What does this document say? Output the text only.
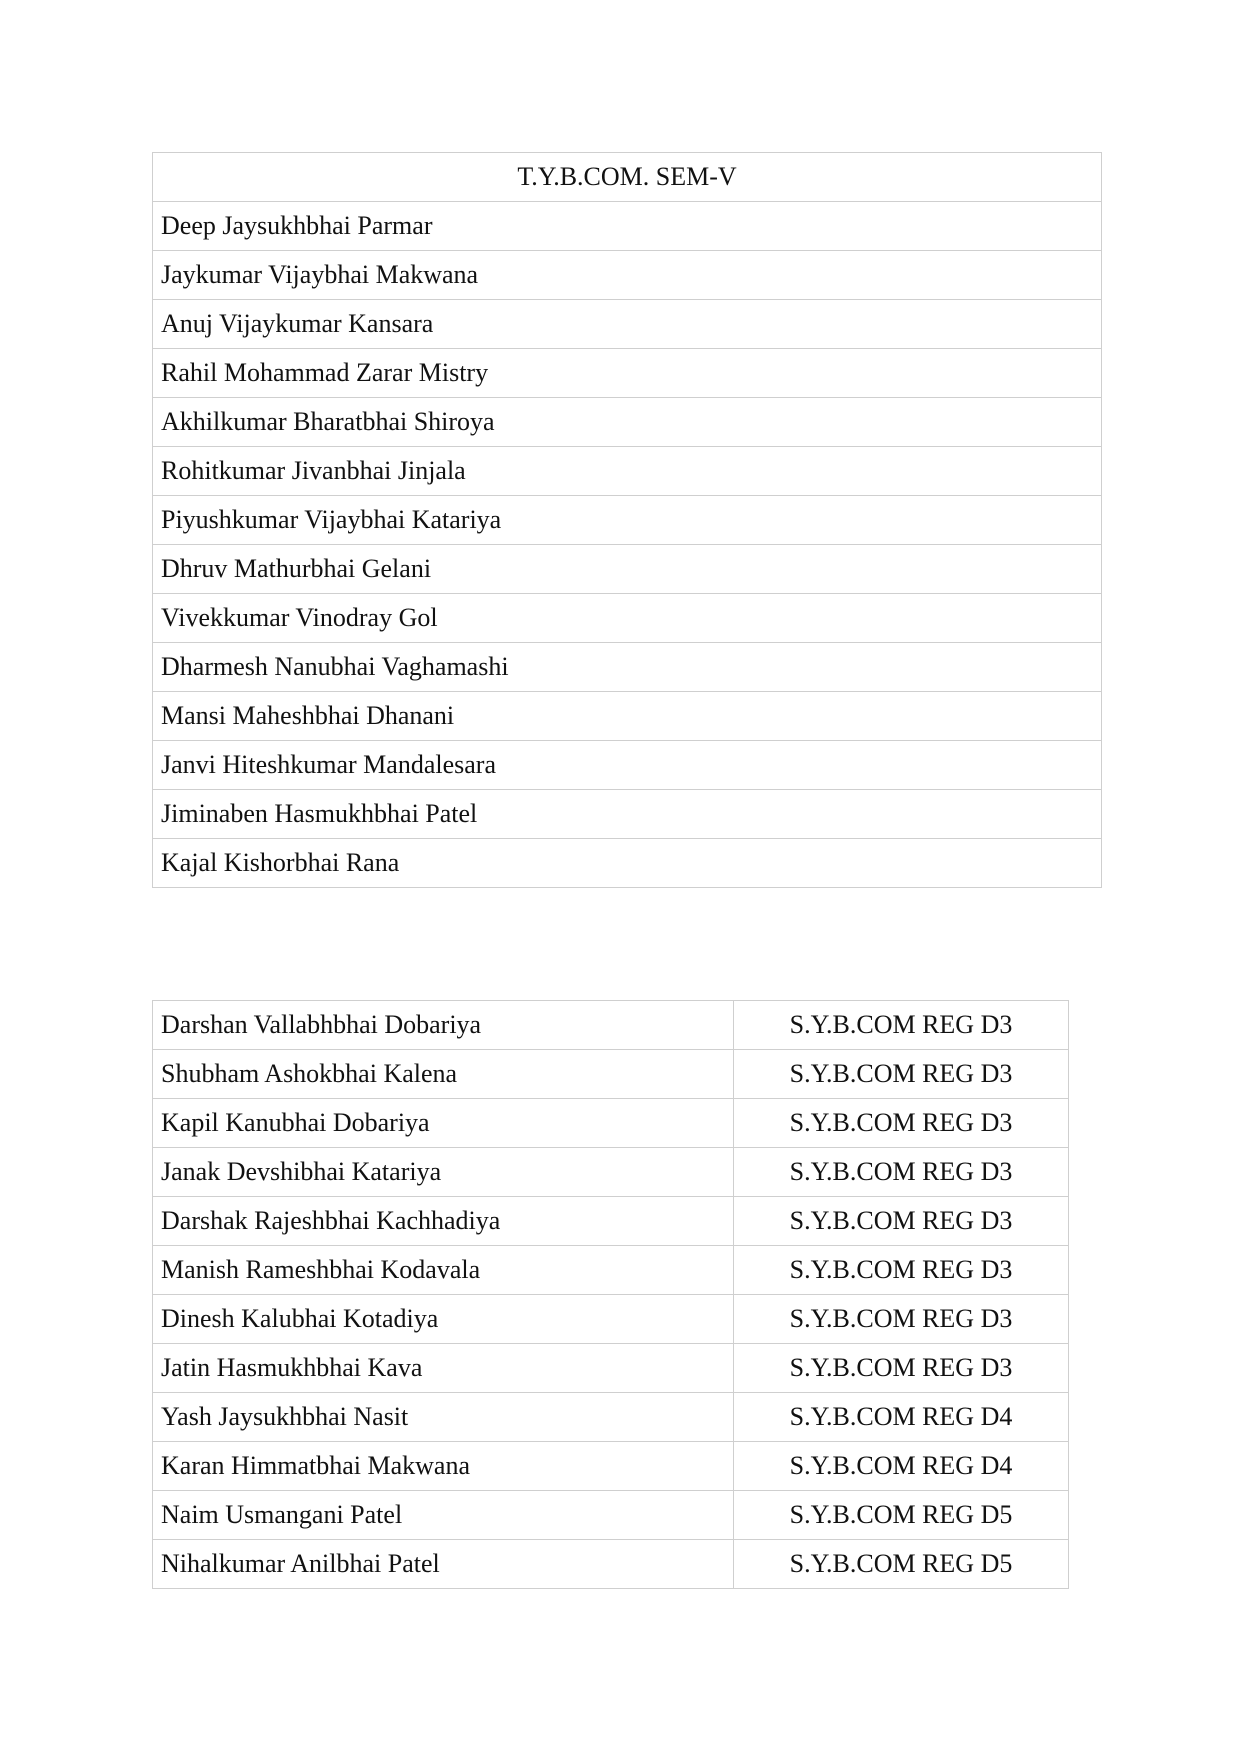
T.Y.B.COM. SEM-V
Deep Jaysukhbhai Parmar
Jaykumar Vijaybhai Makwana
Anuj Vijaykumar Kansara
Rahil Mohammad Zarar Mistry
Akhilkumar Bharatbhai Shiroya
Rohitkumar Jivanbhai Jinjala
Piyushkumar Vijaybhai Katariya
Dhruv Mathurbhai Gelani
Vivekkumar Vinodray Gol
Dharmesh Nanubhai Vaghamashi
Mansi Maheshbhai Dhanani
Janvi Hiteshkumar Mandalesara
Jiminaben Hasmukhbhai Patel
Kajal Kishorbhai Rana
Darshan Vallabhbhai Dobariya	S.Y.B.COM REG D3
Shubham Ashokbhai Kalena	S.Y.B.COM REG D3
Kapil Kanubhai Dobariya	S.Y.B.COM REG D3
Janak Devshibhai Katariya	S.Y.B.COM REG D3
Darshak Rajeshbhai Kachhadiya	S.Y.B.COM REG D3
Manish Rameshbhai Kodavala	S.Y.B.COM REG D3
Dinesh Kalubhai Kotadiya	S.Y.B.COM REG D3
Jatin Hasmukhbhai Kava	S.Y.B.COM REG D3
Yash Jaysukhbhai Nasit	S.Y.B.COM REG D4
Karan Himmatbhai Makwana	S.Y.B.COM REG D4
Naim Usmangani Patel	S.Y.B.COM REG D5
Nihalkumar Anilbhai Patel	S.Y.B.COM REG D5
